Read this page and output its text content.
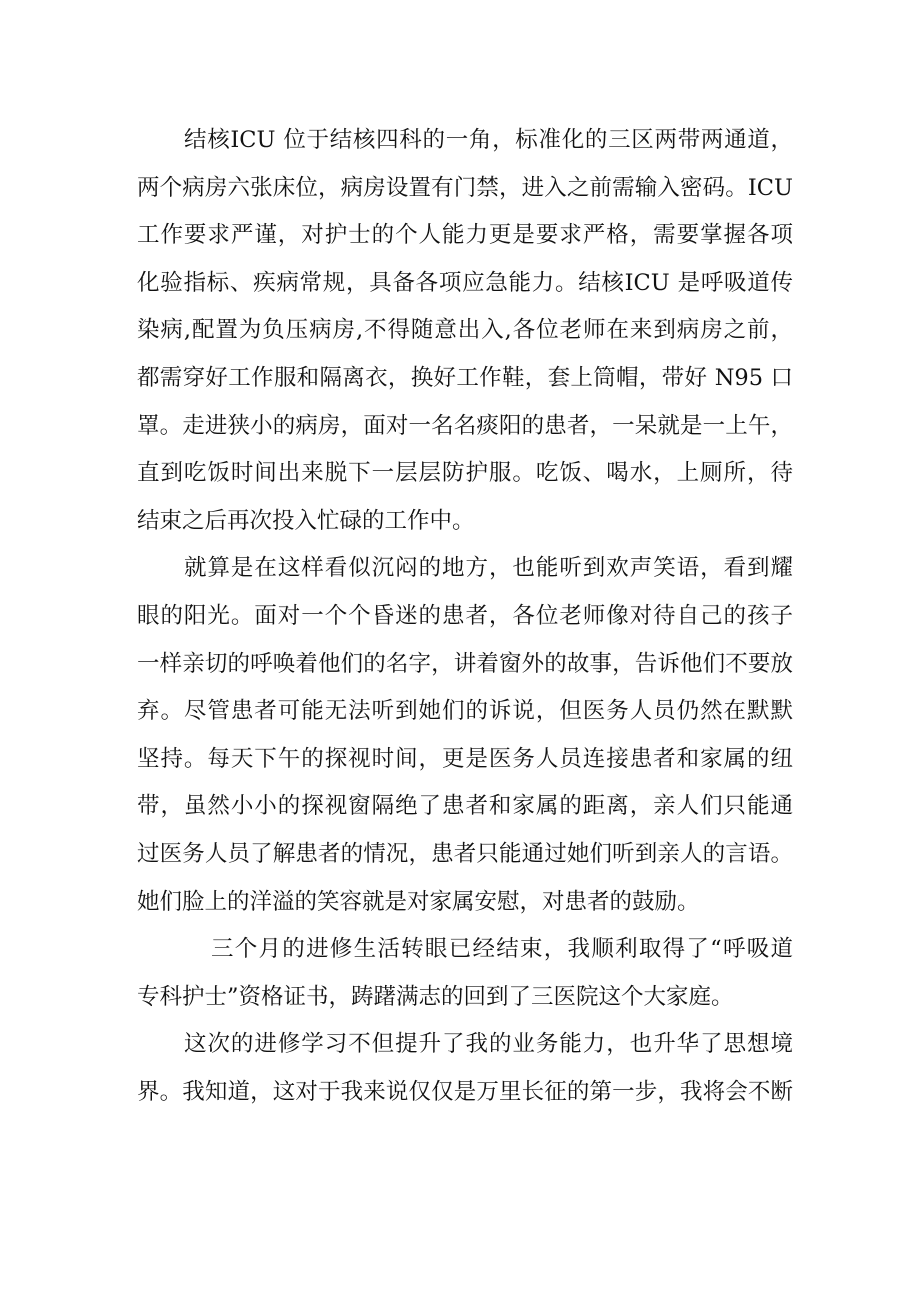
结核ICU 位于结核四科的一角，标准化的三区两带两通道，
两个病房六张床位，病房设置有门禁，进入之前需输入密码。ICU
工作要求严谨，对护士的个人能力更是要求严格，需要掌握各项
化验指标、疾病常规，具备各项应急能力。结核ICU 是呼吸道传
染病,配置为负压病房,不得随意出入,各位老师在来到病房之前，
都需穿好工作服和隔离衣，换好工作鞋，套上筒帽，带好 N95 口
罩。走进狭小的病房，面对一名名痰阳的患者，一呆就是一上午，
直到吃饭时间出来脱下一层层防护服。吃饭、喝水，上厕所，待
结束之后再次投入忙碌的工作中。

就算是在这样看似沉闷的地方，也能听到欢声笑语，看到耀
眼的阳光。面对一个个昏迷的患者，各位老师像对待自己的孩子
一样亲切的呼唤着他们的名字，讲着窗外的故事，告诉他们不要放
弃。尽管患者可能无法听到她们的诉说，但医务人员仍然在默默
坚持。每天下午的探视时间，更是医务人员连接患者和家属的纽
带，虽然小小的探视窗隔绝了患者和家属的距离，亲人们只能通
过医务人员了解患者的情况，患者只能通过她们听到亲人的言语。
她们脸上的洋溢的笑容就是对家属安慰，对患者的鼓励。

三个月的进修生活转眼已经结束，我顺利取得了“呼吸道
专科护士”资格证书，踌躇满志的回到了三医院这个大家庭。

这次的进修学习不但提升了我的业务能力，也升华了思想境
界。我知道，这对于我来说仅仅是万里长征的第一步，我将会不断
